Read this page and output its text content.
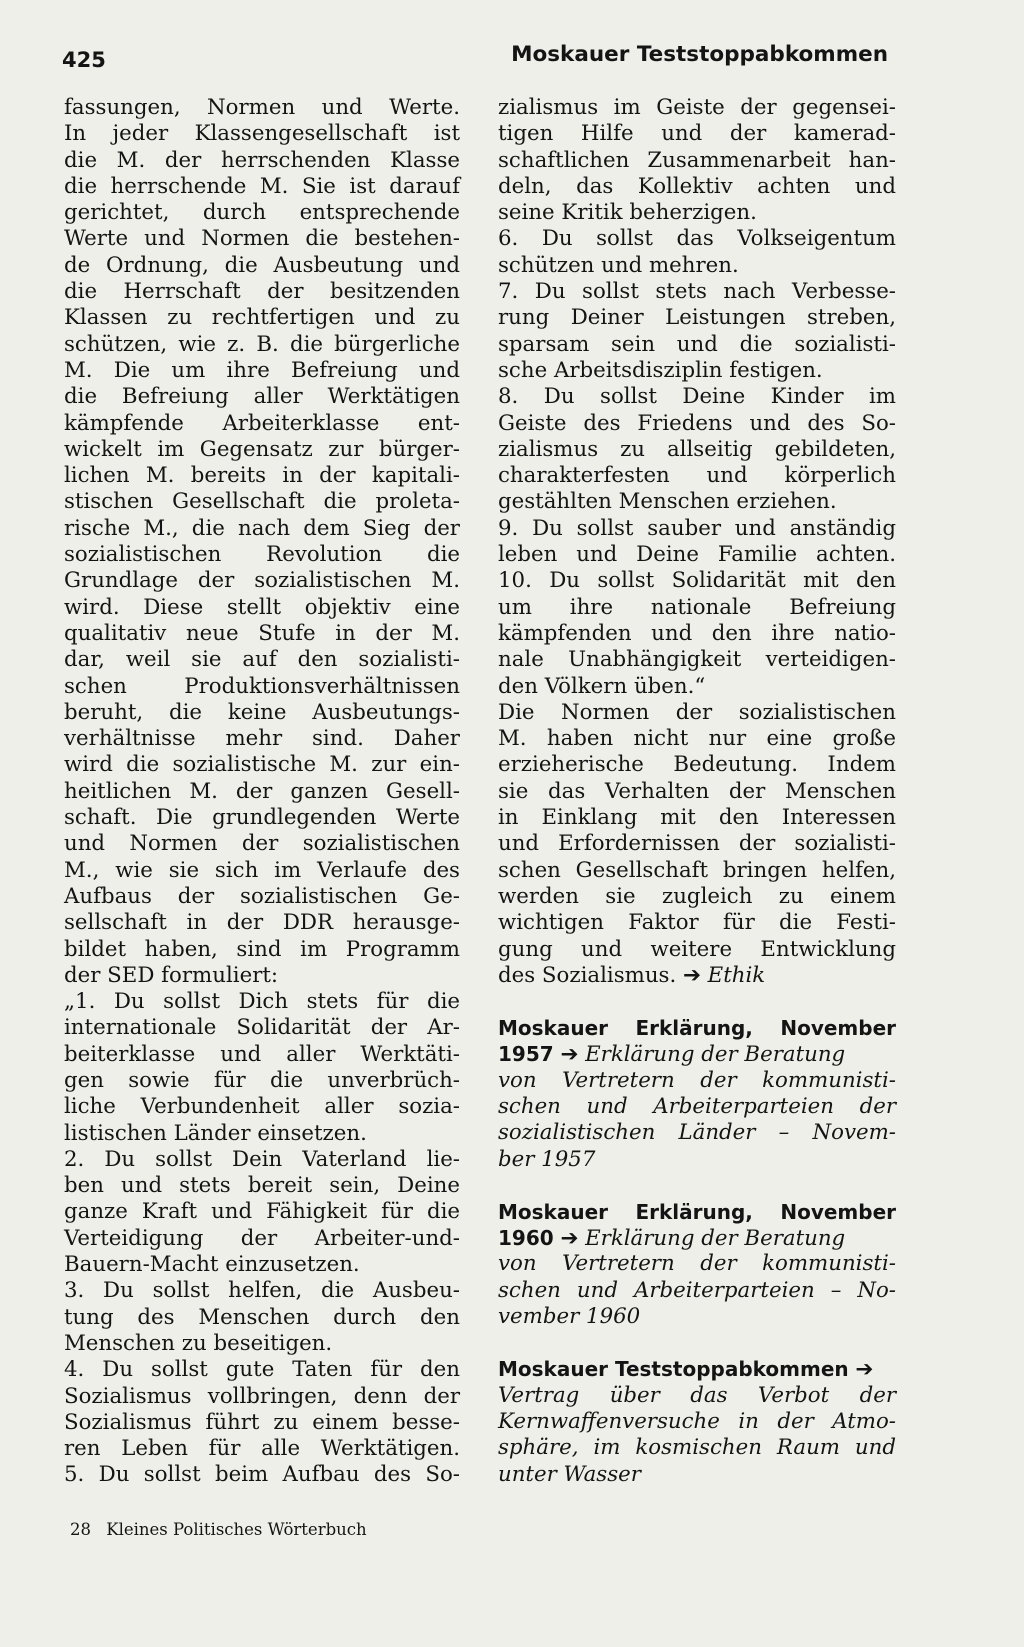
425	Moskauer Teststoppabkommen
fassungen, Normen und Werte.
In jeder Klassengesellschaft ist
die M. der herrschenden Klasse
die herrschende M. Sie ist darauf
gerichtet, durch entsprechende
Werte und Normen die bestehen-
de Ordnung, die Ausbeutung und
die Herrschaft der besitzenden
Klassen zu rechtfertigen und zu
schützen, wie z. B. die bürgerliche
M. Die um ihre Befreiung und
die Befreiung aller Werktätigen
kämpfende Arbeiterklasse ent-
wickelt im Gegensatz zur bürger-
lichen M. bereits in der kapitali-
stischen Gesellschaft die proleta-
rische M., die nach dem Sieg der
sozialistischen Revolution die
Grundlage der sozialistischen M.
wird. Diese stellt objektiv eine
qualitativ neue Stufe in der M.
dar, weil sie auf den sozialisti-
schen Produktionsverhältnissen
beruht, die keine Ausbeutungs-
verhältnisse mehr sind. Daher
wird die sozialistische M. zur ein-
heitlichen M. der ganzen Gesell-
schaft. Die grundlegenden Werte
und Normen der sozialistischen
M., wie sie sich im Verlaufe des
Aufbaus der sozialistischen Ge-
sellschaft in der DDR herausge-
bildet haben, sind im Programm
der SED formuliert:
„1. Du sollst Dich stets für die
internationale Solidarität der Ar-
beiterklasse und aller Werktäti-
gen sowie für die unverbrüch-
liche Verbundenheit aller sozia-
listischen Länder einsetzen.
2. Du sollst Dein Vaterland lie-
ben und stets bereit sein, Deine
ganze Kraft und Fähigkeit für die
Verteidigung der Arbeiter-und-
Bauern-Macht einzusetzen.
3. Du sollst helfen, die Ausbeu-
tung des Menschen durch den
Menschen zu beseitigen.
4. Du sollst gute Taten für den
Sozialismus vollbringen, denn der
Sozialismus führt zu einem besse-
ren Leben für alle Werktätigen.
5. Du sollst beim Aufbau des So-
zialismus im Geiste der gegensei-
tigen Hilfe und der kamerad-
schaftlichen Zusammenarbeit han-
deln, das Kollektiv achten und
seine Kritik beherzigen.
6. Du sollst das Volkseigentum
schützen und mehren.
7. Du sollst stets nach Verbesse-
rung Deiner Leistungen streben,
sparsam sein und die sozialisti-
sche Arbeitsdisziplin festigen.
8. Du sollst Deine Kinder im
Geiste des Friedens und des So-
zialismus zu allseitig gebildeten,
charakterfesten und körperlich
gestählten Menschen erziehen.
9. Du sollst sauber und anständig
leben und Deine Familie achten.
10. Du sollst Solidarität mit den
um ihre nationale Befreiung
kämpfenden und den ihre natio-
nale Unabhängigkeit verteidigen-
den Völkern üben.“
Die Normen der sozialistischen
M. haben nicht nur eine große
erzieherische Bedeutung. Indem
sie das Verhalten der Menschen
in Einklang mit den Interessen
und Erfordernissen der sozialisti-
schen Gesellschaft bringen helfen,
werden sie zugleich zu einem
wichtigen Faktor für die Festi-
gung und weitere Entwicklung
des Sozialismus. ➔ Ethik
Moskauer Erklärung, November
1957 ➔ Erklärung der Beratung
von Vertretern der kommunisti-
schen und Arbeiterparteien der
sozialistischen Länder – Novem-
ber 1957
Moskauer Erklärung, November
1960 ➔ Erklärung der Beratung
von Vertretern der kommunisti-
schen und Arbeiterparteien – No-
vember 1960
Moskauer Teststoppabkommen ➔
Vertrag über das Verbot der
Kernwaffenversuche in der Atmo-
sphäre, im kosmischen Raum und
unter Wasser
28 Kleines Politisches Wörterbuch
